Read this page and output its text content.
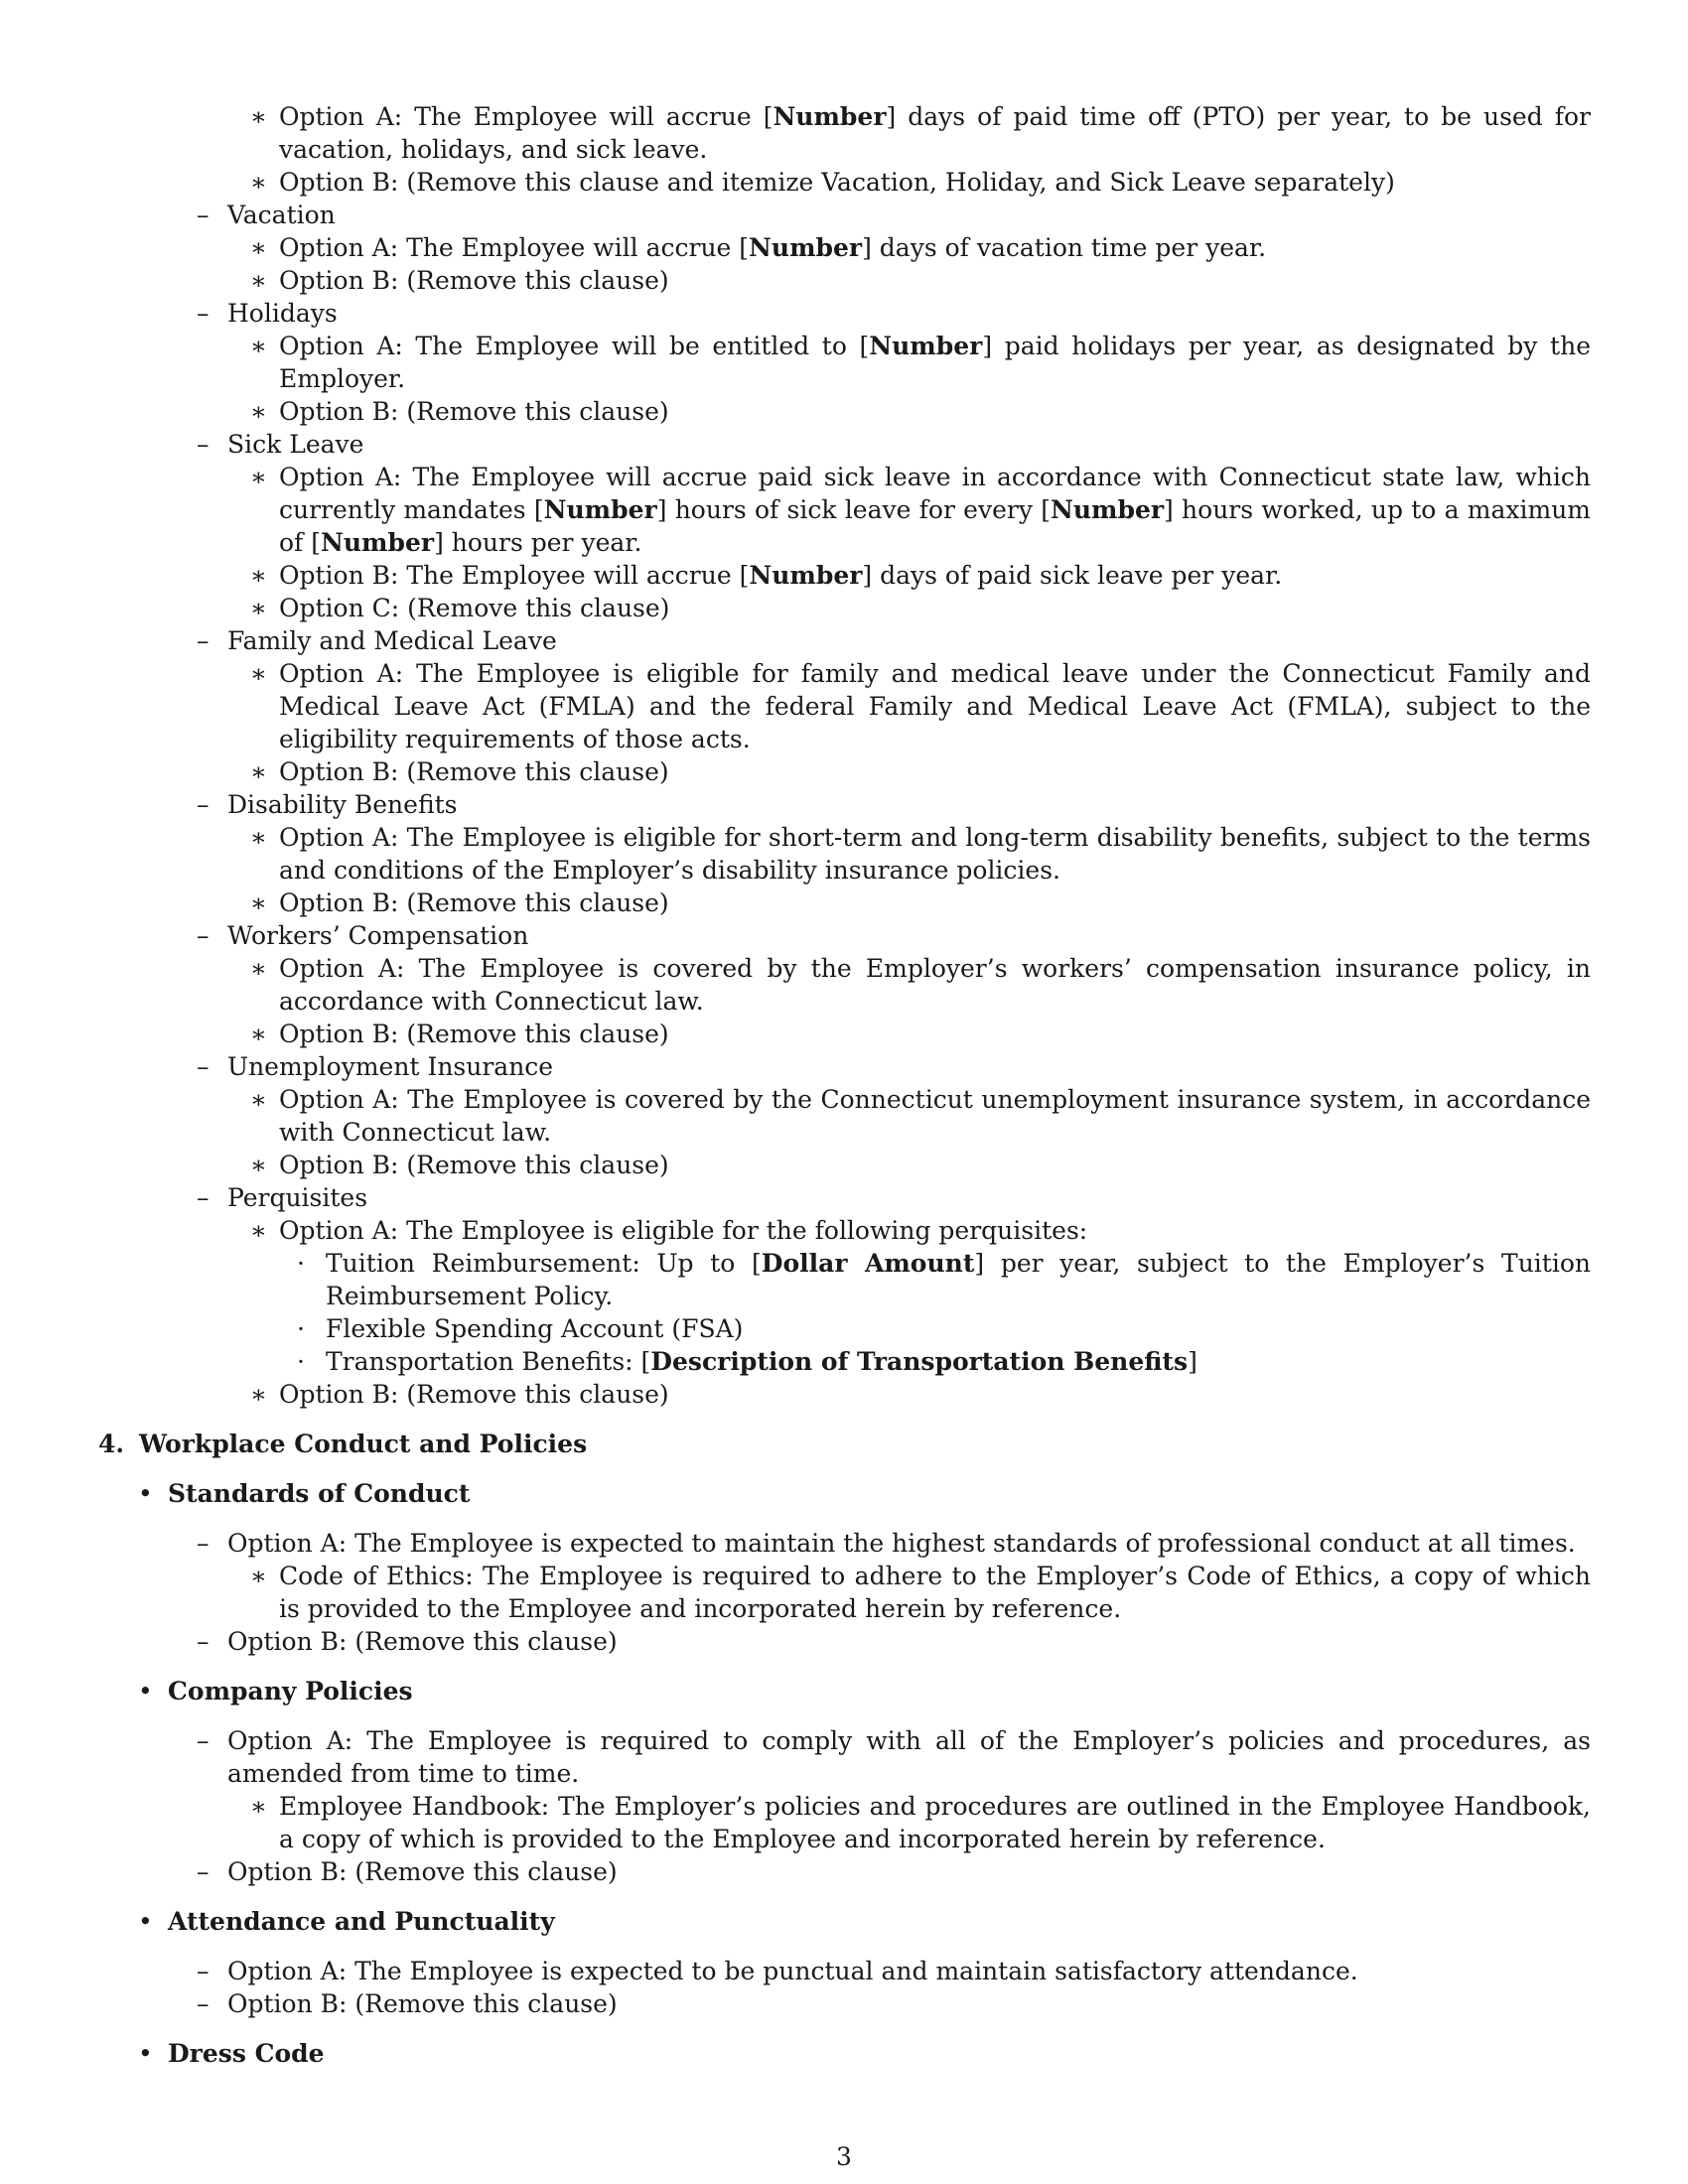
∗ Option A: The Employee will accrue [Number] days of paid time off (PTO) per year, to be used for vacation, holidays, and sick leave.
∗ Option B: (Remove this clause and itemize Vacation, Holiday, and Sick Leave separately)
– Vacation
∗ Option A: The Employee will accrue [Number] days of vacation time per year.
∗ Option B: (Remove this clause)
– Holidays
∗ Option A: The Employee will be entitled to [Number] paid holidays per year, as designated by the Employer.
∗ Option B: (Remove this clause)
– Sick Leave
∗ Option A: The Employee will accrue paid sick leave in accordance with Connecticut state law, which currently mandates [Number] hours of sick leave for every [Number] hours worked, up to a maximum of [Number] hours per year.
∗ Option B: The Employee will accrue [Number] days of paid sick leave per year.
∗ Option C: (Remove this clause)
– Family and Medical Leave
∗ Option A: The Employee is eligible for family and medical leave under the Connecticut Family and Medical Leave Act (FMLA) and the federal Family and Medical Leave Act (FMLA), subject to the eligibility requirements of those acts.
∗ Option B: (Remove this clause)
– Disability Benefits
∗ Option A: The Employee is eligible for short-term and long-term disability benefits, subject to the terms and conditions of the Employer’s disability insurance policies.
∗ Option B: (Remove this clause)
– Workers’ Compensation
∗ Option A: The Employee is covered by the Employer’s workers’ compensation insurance policy, in accordance with Connecticut law.
∗ Option B: (Remove this clause)
– Unemployment Insurance
∗ Option A: The Employee is covered by the Connecticut unemployment insurance system, in accordance with Connecticut law.
∗ Option B: (Remove this clause)
– Perquisites
∗ Option A: The Employee is eligible for the following perquisites:
· Tuition Reimbursement: Up to [Dollar Amount] per year, subject to the Employer’s Tuition Reimbursement Policy.
· Flexible Spending Account (FSA)
· Transportation Benefits: [Description of Transportation Benefits]
∗ Option B: (Remove this clause)
4. Workplace Conduct and Policies
• Standards of Conduct
– Option A: The Employee is expected to maintain the highest standards of professional conduct at all times.
∗ Code of Ethics: The Employee is required to adhere to the Employer’s Code of Ethics, a copy of which is provided to the Employee and incorporated herein by reference.
– Option B: (Remove this clause)
• Company Policies
– Option A: The Employee is required to comply with all of the Employer’s policies and procedures, as amended from time to time.
∗ Employee Handbook: The Employer’s policies and procedures are outlined in the Employee Handbook, a copy of which is provided to the Employee and incorporated herein by reference.
– Option B: (Remove this clause)
• Attendance and Punctuality
– Option A: The Employee is expected to be punctual and maintain satisfactory attendance.
– Option B: (Remove this clause)
• Dress Code
3
